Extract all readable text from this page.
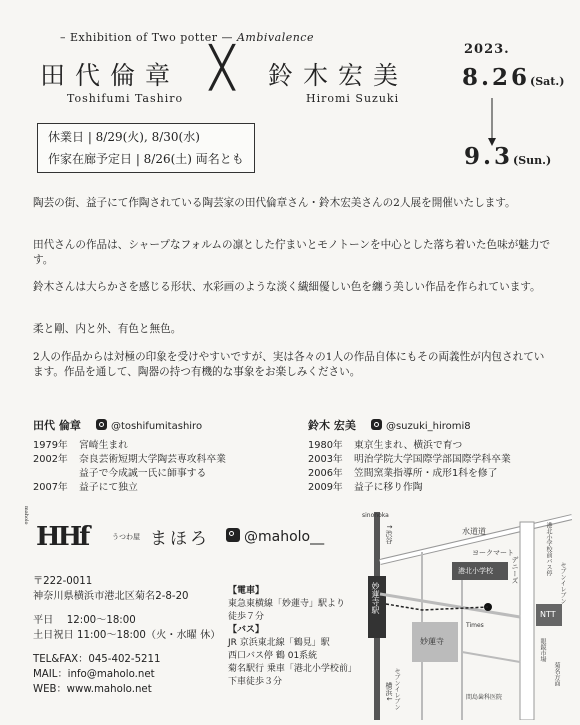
– Exhibition of Two potter — Ambivalence
田代倫章
Toshifumi Tashiro
╳ 鈴木宏美
Hiromi Suzuki
2023.
8.26(Sat.)
9.3(Sun.)
休業日 | 8/29(火), 8/30(水)
作家在廊予定日 | 8/26(土) 両名とも
陶芸の街、益子にて作陶されている陶芸家の田代倫章さん・鈴木宏美さんの2人展を開催いたします。
田代さんの作品は、シャープなフォルムの凛とした佇まいとモノトーンを中心とした落ち着いた色味が魅力です。
鈴木さんは大らかさを感じる形状、水彩画のような淡く繊細優しい色を纏う美しい作品を作られています。
柔と剛、内と外、有色と無色。
2人の作品からは対極の印象を受けやすいですが、実は各々の1人の作品自体にもその両義性が内包されています。作品を通して、陶器の持つ有機的な事象をお楽しみください。
田代 倫章	@toshifumitashiro
1979年 宮崎生まれ
2002年 奈良芸術短期大学陶芸専攻科卒業
益子で今成誠一氏に師事する
2007年 益子にて独立
鈴木 宏美	@suzuki_hiromi8
1980年 東京生まれ、横浜で育つ
2003年 明治学院大学国際学部国際学科卒業
2006年 笠間窯業指導所・成形1科を修了
2009年 益子に移り作陶
maholo
HHf	うつわ屋 まほろ	@maholo__
〒222-0011
神奈川県横浜市港北区菊名2-8-20
平日　 12:00～18:00
土日祝日 11:00～18:00（火・水曜 休）
TEL&FAX：045-402-5211
MAIL：info@maholo.net
WEB：www.maholo.net
【電車】
東急東横線「妙蓮寺」駅より
徒歩７分
【バス】
JR 京浜東北線「鶴見」駅
西口バス停 鶴 01系統
菊名駅行 乗車「港北小学校前」
下車徒歩３分
↑渋谷
横浜↓
妙蓮寺駅
妙蓮寺
港北小学校
水道道
ヨークマート
デニーズ
NTT
sinonoka
港北小学校前バス停
セブンイレブン
セブンイレブン
Times
眼鏡市場
菊名方面
間島歯科医院
